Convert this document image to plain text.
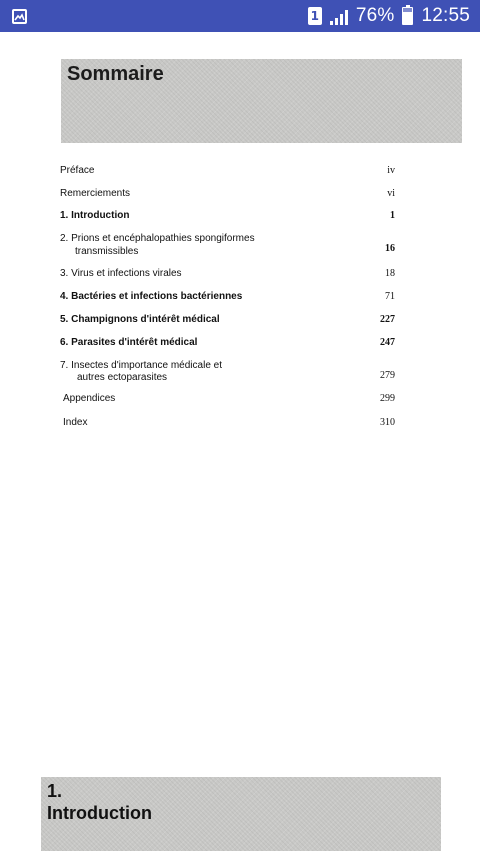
1 76% 12:55
Sommaire
Préface	iv
Remerciements	vi
1. Introduction	1
2. Prions et encéphalopathies spongiformes
transmissibles	16
3. Virus et infections virales	18
4. Bactéries et infections bactériennes	71
5. Champignons d'intérêt médical	227
6. Parasites d'intérêt médical	247
7. Insectes d'importance médicale et
autres ectoparasites	279
Appendices	299
Index	310
1.
Introduction
